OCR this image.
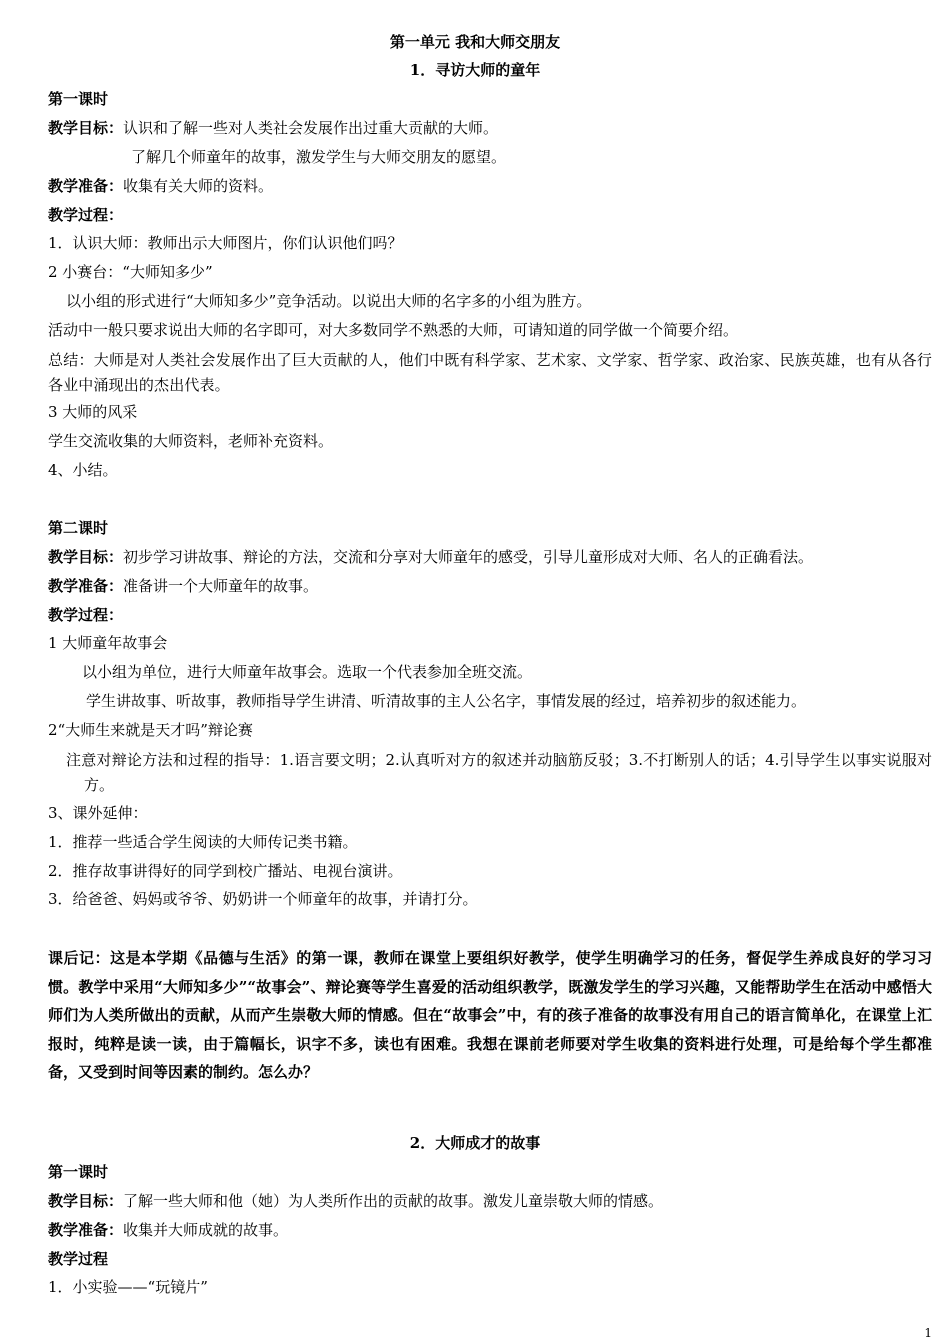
第一单元 我和大师交朋友
1．寻访大师的童年
第一课时
教学目标：认识和了解一些对人类社会发展作出过重大贡献的大师。
了解几个师童年的故事，激发学生与大师交朋友的愿望。
教学准备：收集有关大师的资料。
教学过程：
1．认识大师：教师出示大师图片，你们认识他们吗？
2 小赛台：“大师知多少”
以小组的形式进行“大师知多少”竞争活动。以说出大师的名字多的小组为胜方。
活动中一般只要求说出大师的名字即可，对大多数同学不熟悉的大师，可请知道的同学做一个简要介绍。
总结：大师是对人类社会发展作出了巨大贡献的人，他们中既有科学家、艺术家、文学家、哲学家、政治家、民族英雄，也有从各行各业中涌现出的杰出代表。
3 大师的风采
学生交流收集的大师资料，老师补充资料。
4、小结。
第二课时
教学目标：初步学习讲故事、辩论的方法，交流和分享对大师童年的感受，引导儿童形成对大师、名人的正确看法。
教学准备：准备讲一个大师童年的故事。
教学过程：
1 大师童年故事会
以小组为单位，进行大师童年故事会。选取一个代表参加全班交流。
学生讲故事、听故事，教师指导学生讲清、听清故事的主人公名字，事情发展的经过，培养初步的叙述能力。
2“大师生来就是天才吗”辩论赛
注意对辩论方法和过程的指导：1.语言要文明；2.认真听对方的叙述并动脑筋反驳；3.不打断别人的话；4.引导学生以事实说服对方。
3、课外延伸：
1．推荐一些适合学生阅读的大师传记类书籍。
2．推存故事讲得好的同学到校广播站、电视台演讲。
3．给爸爸、妈妈或爷爷、奶奶讲一个师童年的故事，并请打分。
课后记：这是本学期《品德与生活》的第一课，教师在课堂上要组织好教学，使学生明确学习的任务，督促学生养成良好的学习习惯。教学中采用“大师知多少”“故事会”、辩论赛等学生喜爱的活动组织教学，既激发学生的学习兴趣，又能帮助学生在活动中感悟大师们为人类所做出的贡献，从而产生崇敬大师的情感。但在“故事会”中，有的孩子准备的故事没有用自己的语言简单化，在课堂上汇报时，纯粹是读一读，由于篇幅长，识字不多，读也有困难。我想在课前老师要对学生收集的资料进行处理，可是给每个学生都准备，又受到时间等因素的制约。怎么办？
2．大师成才的故事
第一课时
教学目标：了解一些大师和他（她）为人类所作出的贡献的故事。激发儿童崇敬大师的情感。
教学准备：收集并大师成就的故事。
教学过程
1．小实验——“玩镜片”
1
